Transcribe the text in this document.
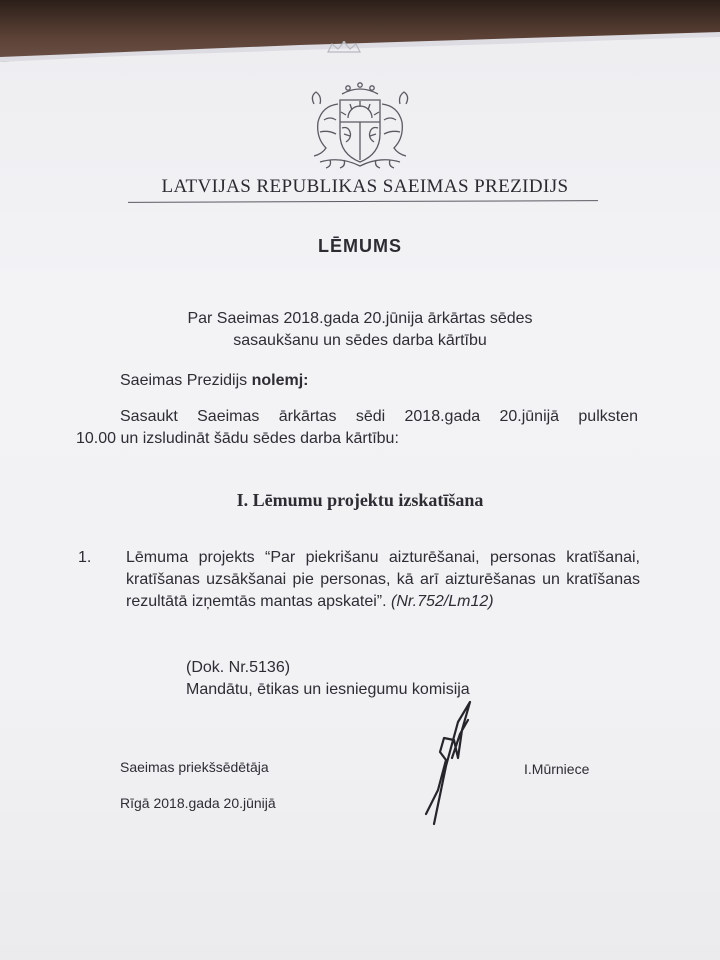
LATVIJAS REPUBLIKAS SAEIMAS PREZIDIJS
LĒMUMS
Par Saeimas 2018.gada 20.jūnija ārkārtas sēdes
sasaukšanu un sēdes darba kārtību
Saeimas Prezidijs nolemj:
Sasaukt Saeimas ārkārtas sēdi 2018.gada 20.jūnijā pulksten
10.00 un izsludināt šādu sēdes darba kārtību:
I. Lēmumu projektu izskatīšana
1. Lēmuma projekts “Par piekrišanu aizturēšanai, personas kratīšanai, kratīšanas uzsākšanai pie personas, kā arī aizturēšanas un kratīšanas rezultātā izņemtās mantas apskatei”. (Nr.752/Lm12)
(Dok. Nr.5136)
Mandātu, ētikas un iesniegumu komisija
Saeimas priekšsēdētāja	I.Mūrniece
Rīgā 2018.gada 20.jūnijā
